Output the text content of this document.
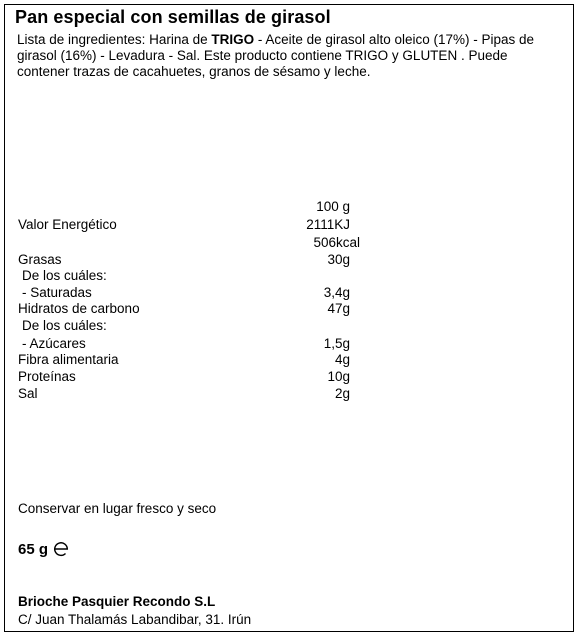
Pan especial con semillas de girasol
Lista de ingredientes: Harina de TRIGO - Aceite de girasol alto oleico (17%) - Pipas de girasol (16%) - Levadura - Sal. Este producto contiene TRIGO y GLUTEN . Puede contener trazas de cacahuetes, granos de sésamo y leche.
100 g
Valor Energético	2111KJ
506kcal
Grasas	30g
De los cuáles:
- Saturadas	3,4g
Hidratos de carbono	47g
De los cuáles:
- Azúcares	1,5g
Fibra alimentaria	4g
Proteínas	10g
Sal	2g
Conservar en lugar fresco y seco
65 g
Brioche Pasquier Recondo S.L
C/ Juan Thalamás Labandibar, 31. Irún
